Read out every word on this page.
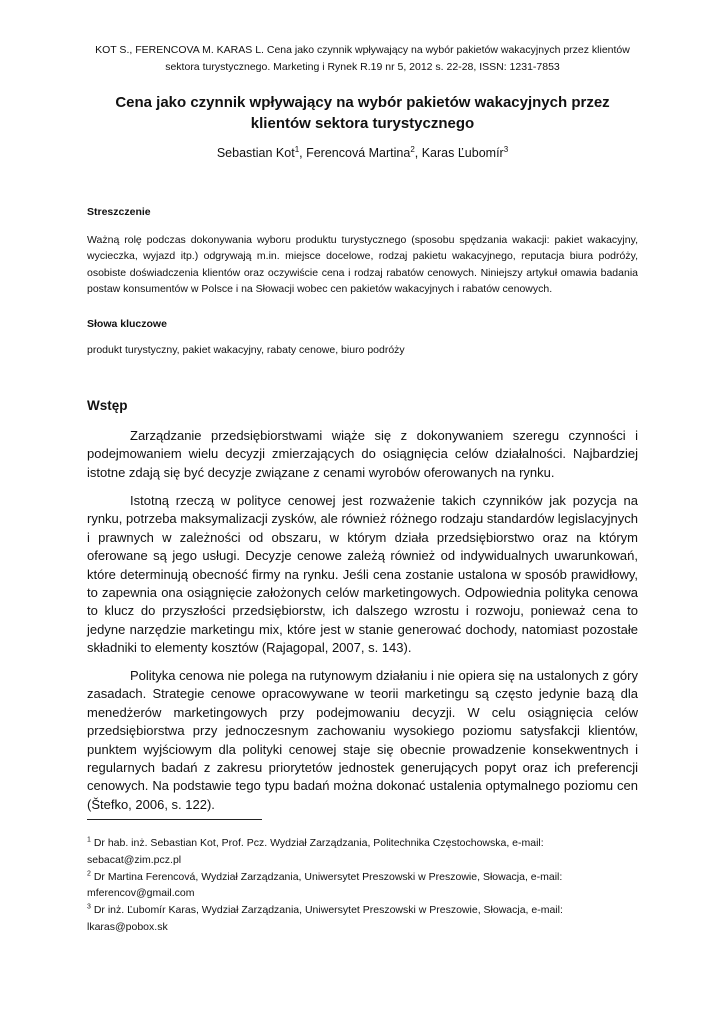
KOT S., FERENCOVA M. KARAS L. Cena jako czynnik wpływający na wybór pakietów wakacyjnych przez klientów
sektora turystycznego. Marketing i Rynek R.19 nr 5, 2012 s. 22-28, ISSN: 1231-7853
Cena jako czynnik wpływający na wybór pakietów wakacyjnych przez
klientów sektora turystycznego
Sebastian Kot$^1$, Ferencová Martina$^2$, Karas Ľubomír$^3$
Streszczenie
Ważną rolę podczas dokonywania wyboru produktu turystycznego (sposobu spędzania wakacji: pakiet wakacyjny, wycieczka, wyjazd itp.) odgrywają m.in. miejsce docelowe, rodzaj pakietu wakacyjnego, reputacja biura podróży, osobiste doświadczenia klientów oraz oczywiście cena i rodzaj rabatów cenowych. Niniejszy artykuł omawia badania postaw konsumentów w Polsce i na Słowacji wobec cen pakietów wakacyjnych i rabatów cenowych.
Słowa kluczowe
produkt turystyczny, pakiet wakacyjny, rabaty cenowe, biuro podróży
Wstęp
Zarządzanie przedsiębiorstwami wiąże się z dokonywaniem szeregu czynności i podejmowaniem wielu decyzji zmierzających do osiągnięcia celów działalności. Najbardziej istotne zdają się być decyzje związane z cenami wyrobów oferowanych na rynku.
Istotną rzeczą w polityce cenowej jest rozważenie takich czynników jak pozycja na rynku, potrzeba maksymalizacji zysków, ale również różnego rodzaju standardów legislacyjnych i prawnych w zależności od obszaru, w którym działa przedsiębiorstwo oraz na którym oferowane są jego usługi. Decyzje cenowe zależą również od indywidualnych uwarunkowań, które determinują obecność firmy na rynku. Jeśli cena zostanie ustalona w sposób prawidłowy, to zapewnia ona osiągnięcie założonych celów marketingowych. Odpowiednia polityka cenowa to klucz do przyszłości przedsiębiorstw, ich dalszego wzrostu i rozwoju, ponieważ cena to jedyne narzędzie marketingu mix, które jest w stanie generować dochody, natomiast pozostałe składniki to elementy kosztów (Rajagopal, 2007, s. 143).
Polityka cenowa nie polega na rutynowym działaniu i nie opiera się na ustalonych z góry zasadach. Strategie cenowe opracowywane w teorii marketingu są często jedynie bazą dla menedżerów marketingowych przy podejmowaniu decyzji. W celu osiągnięcia celów przedsiębiorstwa przy jednoczesnym zachowaniu wysokiego poziomu satysfakcji klientów, punktem wyjściowym dla polityki cenowej staje się obecnie prowadzenie konsekwentnych i regularnych badań z zakresu priorytetów jednostek generujących popyt oraz ich preferencji cenowych. Na podstawie tego typu badań można dokonać ustalenia optymalnego poziomu cen (Štefko, 2006, s. 122).
$^1$ Dr hab. inż. Sebastian Kot, Prof. Pcz. Wydział Zarządzania, Politechnika Częstochowska, e-mail:
sebacat@zim.pcz.pl
$^2$ Dr Martina Ferencová, Wydział Zarządzania, Uniwersytet Preszowski w Preszowie, Słowacja, e-mail:
mferencov@gmail.com
$^3$ Dr inż. Ľubomír Karas, Wydział Zarządzania, Uniwersytet Preszowski w Preszowie, Słowacja, e-mail:
lkaras@pobox.sk
